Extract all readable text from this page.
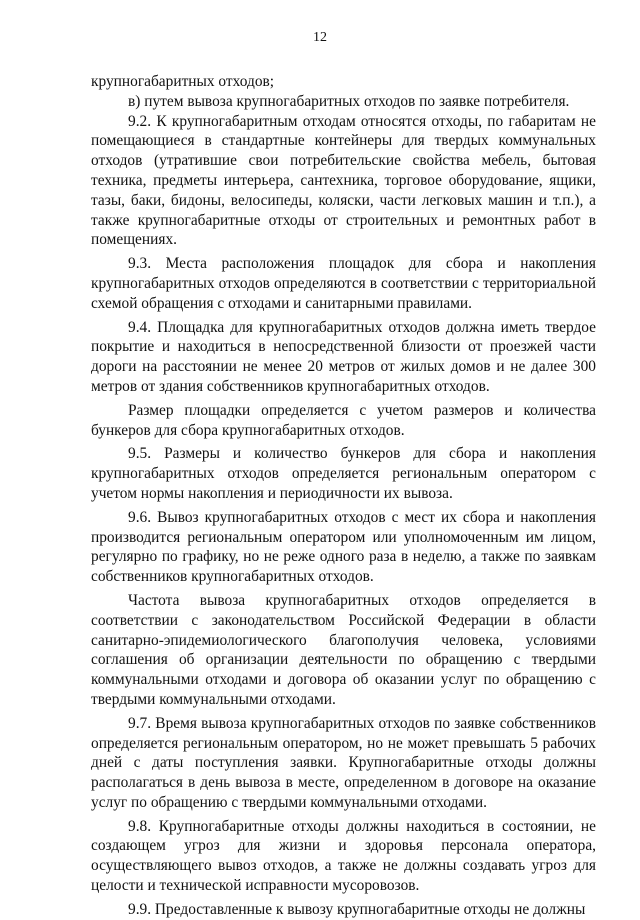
12

крупногабаритных отходов;

в) путем вывоза крупногабаритных отходов по заявке потребителя.

9.2. К крупногабаритным отходам относятся отходы, по габаритам не помещающиеся в стандартные контейнеры для твердых коммунальных отходов (утратившие свои потребительские свойства мебель, бытовая техника, предметы интерьера, сантехника, торговое оборудование, ящики, тазы, баки, бидоны, велосипеды, коляски, части легковых машин и т.п.), а также крупногабаритные отходы от строительных и ремонтных работ в помещениях.

9.3. Места расположения площадок для сбора и накопления крупногабаритных отходов определяются в соответствии с территориальной схемой обращения с отходами и санитарными правилами.

9.4. Площадка для крупногабаритных отходов должна иметь твердое покрытие и находиться в непосредственной близости от проезжей части дороги на расстоянии не менее 20 метров от жилых домов и не далее 300 метров от здания собственников крупногабаритных отходов.

Размер площадки определяется с учетом размеров и количества бункеров для сбора крупногабаритных отходов.

9.5. Размеры и количество бункеров для сбора и накопления крупногабаритных отходов определяется региональным оператором с учетом нормы накопления и периодичности их вывоза.

9.6. Вывоз крупногабаритных отходов с мест их сбора и накопления производится региональным оператором или уполномоченным им лицом, регулярно по графику, но не реже одного раза в неделю, а также по заявкам собственников крупногабаритных отходов.

Частота вывоза крупногабаритных отходов определяется в соответствии с законодательством Российской Федерации в области санитарно-эпидемиологического благополучия человека, условиями соглашения об организации деятельности по обращению с твердыми коммунальными отходами и договора об оказании услуг по обращению с твердыми коммунальными отходами.

9.7. Время вывоза крупногабаритных отходов по заявке собственников определяется региональным оператором, но не может превышать 5 рабочих дней с даты поступления заявки. Крупногабаритные отходы должны располагаться в день вывоза в месте, определенном в договоре на оказание услуг по обращению с твердыми коммунальными отходами.

9.8. Крупногабаритные отходы должны находиться в состоянии, не создающем угроз для жизни и здоровья персонала оператора, осуществляющего вывоз отходов, а также не должны создавать угроз для целости и технической исправности мусоровозов.

9.9. Предоставленные к вывозу крупногабаритные отходы не должны
